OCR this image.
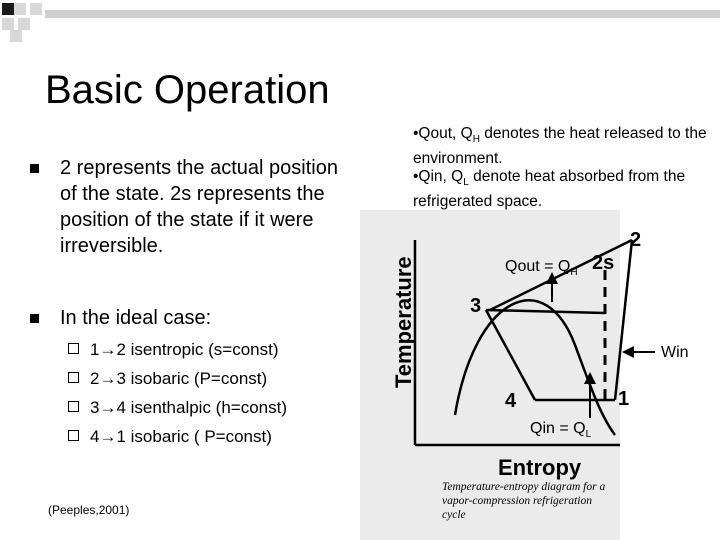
Basic Operation
2 represents the actual position of the state. 2s represents the position of the state if it were irreversible.
In the ideal case:
1→2 isentropic (s=const)
2→3 isobaric (P=const)
3→4 isenthalpic (h=const)
4→1 isobaric ( P=const)
(Peeples,2001)
•Qout, $Q_H$ denotes the heat released to the environment.
•Qin, $Q_L$ denote heat absorbed from the refrigerated space.
Temperature
Entropy
2
2s
3
4	1
Qout = $Q_H$
Qin = $Q_L$
Win
Temperature-entropy diagram for a
vapor-compression refrigeration
cycle
